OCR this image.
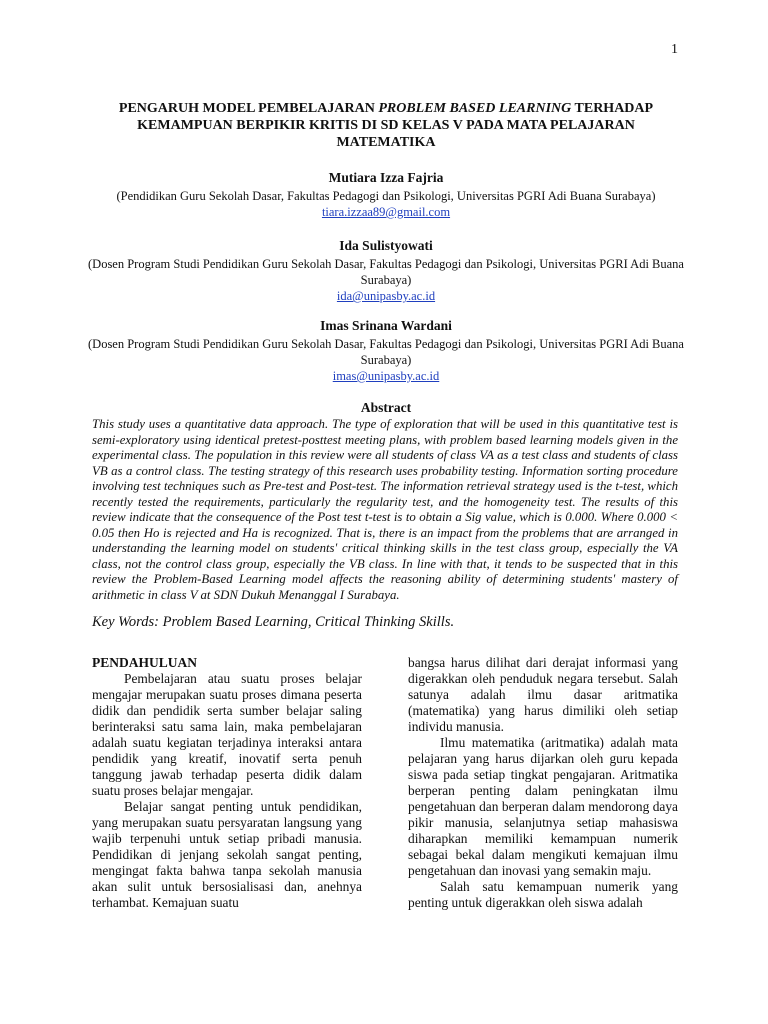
1
PENGARUH MODEL PEMBELAJARAN PROBLEM BASED LEARNING TERHADAP KEMAMPUAN BERPIKIR KRITIS DI SD KELAS V PADA MATA PELAJARAN MATEMATIKA
Mutiara Izza Fajria
(Pendidikan Guru Sekolah Dasar, Fakultas Pedagogi dan Psikologi, Universitas PGRI Adi Buana Surabaya)
tiara.izzaa89@gmail.com
Ida Sulistyowati
(Dosen Program Studi Pendidikan Guru Sekolah Dasar, Fakultas Pedagogi dan Psikologi, Universitas PGRI Adi Buana Surabaya)
ida@unipasby.ac.id
Imas Srinana Wardani
(Dosen Program Studi Pendidikan Guru Sekolah Dasar, Fakultas Pedagogi dan Psikologi, Universitas PGRI Adi Buana Surabaya)
imas@unipasby.ac.id
Abstract
This study uses a quantitative data approach. The type of exploration that will be used in this quantitative test is semi-exploratory using identical pretest-posttest meeting plans, with problem based learning models given in the experimental class. The population in this review were all students of class VA as a test class and students of class VB as a control class. The testing strategy of this research uses probability testing. Information sorting procedure involving test techniques such as Pre-test and Post-test. The information retrieval strategy used is the t-test, which recently tested the requirements, particularly the regularity test, and the homogeneity test. The results of this review indicate that the consequence of the Post test t-test is to obtain a Sig value, which is 0.000. Where 0.000 < 0.05 then Ho is rejected and Ha is recognized. That is, there is an impact from the problems that are arranged in understanding the learning model on students' critical thinking skills in the test class group, especially the VA class, not the control class group, especially the VB class. In line with that, it tends to be suspected that in this review the Problem-Based Learning model affects the reasoning ability of determining students' mastery of arithmetic in class V at SDN Dukuh Menanggal I Surabaya.
Key Words: Problem Based Learning, Critical Thinking Skills.
PENDAHULUAN

Pembelajaran atau suatu proses belajar mengajar merupakan suatu proses dimana peserta didik dan pendidik serta sumber belajar saling berinteraksi satu sama lain, maka pembelajaran adalah suatu kegiatan terjadinya interaksi antara pendidik yang kreatif, inovatif serta penuh tanggung jawab terhadap peserta didik dalam suatu proses belajar mengajar.

Belajar sangat penting untuk pendidikan, yang merupakan suatu persyaratan langsung yang wajib terpenuhi untuk setiap pribadi manusia. Pendidikan di jenjang sekolah sangat penting, mengingat fakta bahwa tanpa sekolah manusia akan sulit untuk bersosialisasi dan, anehnya terhambat. Kemajuan suatu

bangsa harus dilihat dari derajat informasi yang digerakkan oleh penduduk negara tersebut. Salah satunya adalah ilmu dasar aritmatika (matematika) yang harus dimiliki oleh setiap individu manusia.

Ilmu matematika (aritmatika) adalah mata pelajaran yang harus dijarkan oleh guru kepada siswa pada setiap tingkat pengajaran. Aritmatika berperan penting dalam peningkatan ilmu pengetahuan dan berperan dalam mendorong daya pikir manusia, selanjutnya setiap mahasiswa diharapkan memiliki kemampuan numerik sebagai bekal dalam mengikuti kemajuan ilmu pengetahuan dan inovasi yang semakin maju.

Salah satu kemampuan numerik yang penting untuk digerakkan oleh siswa adalah
